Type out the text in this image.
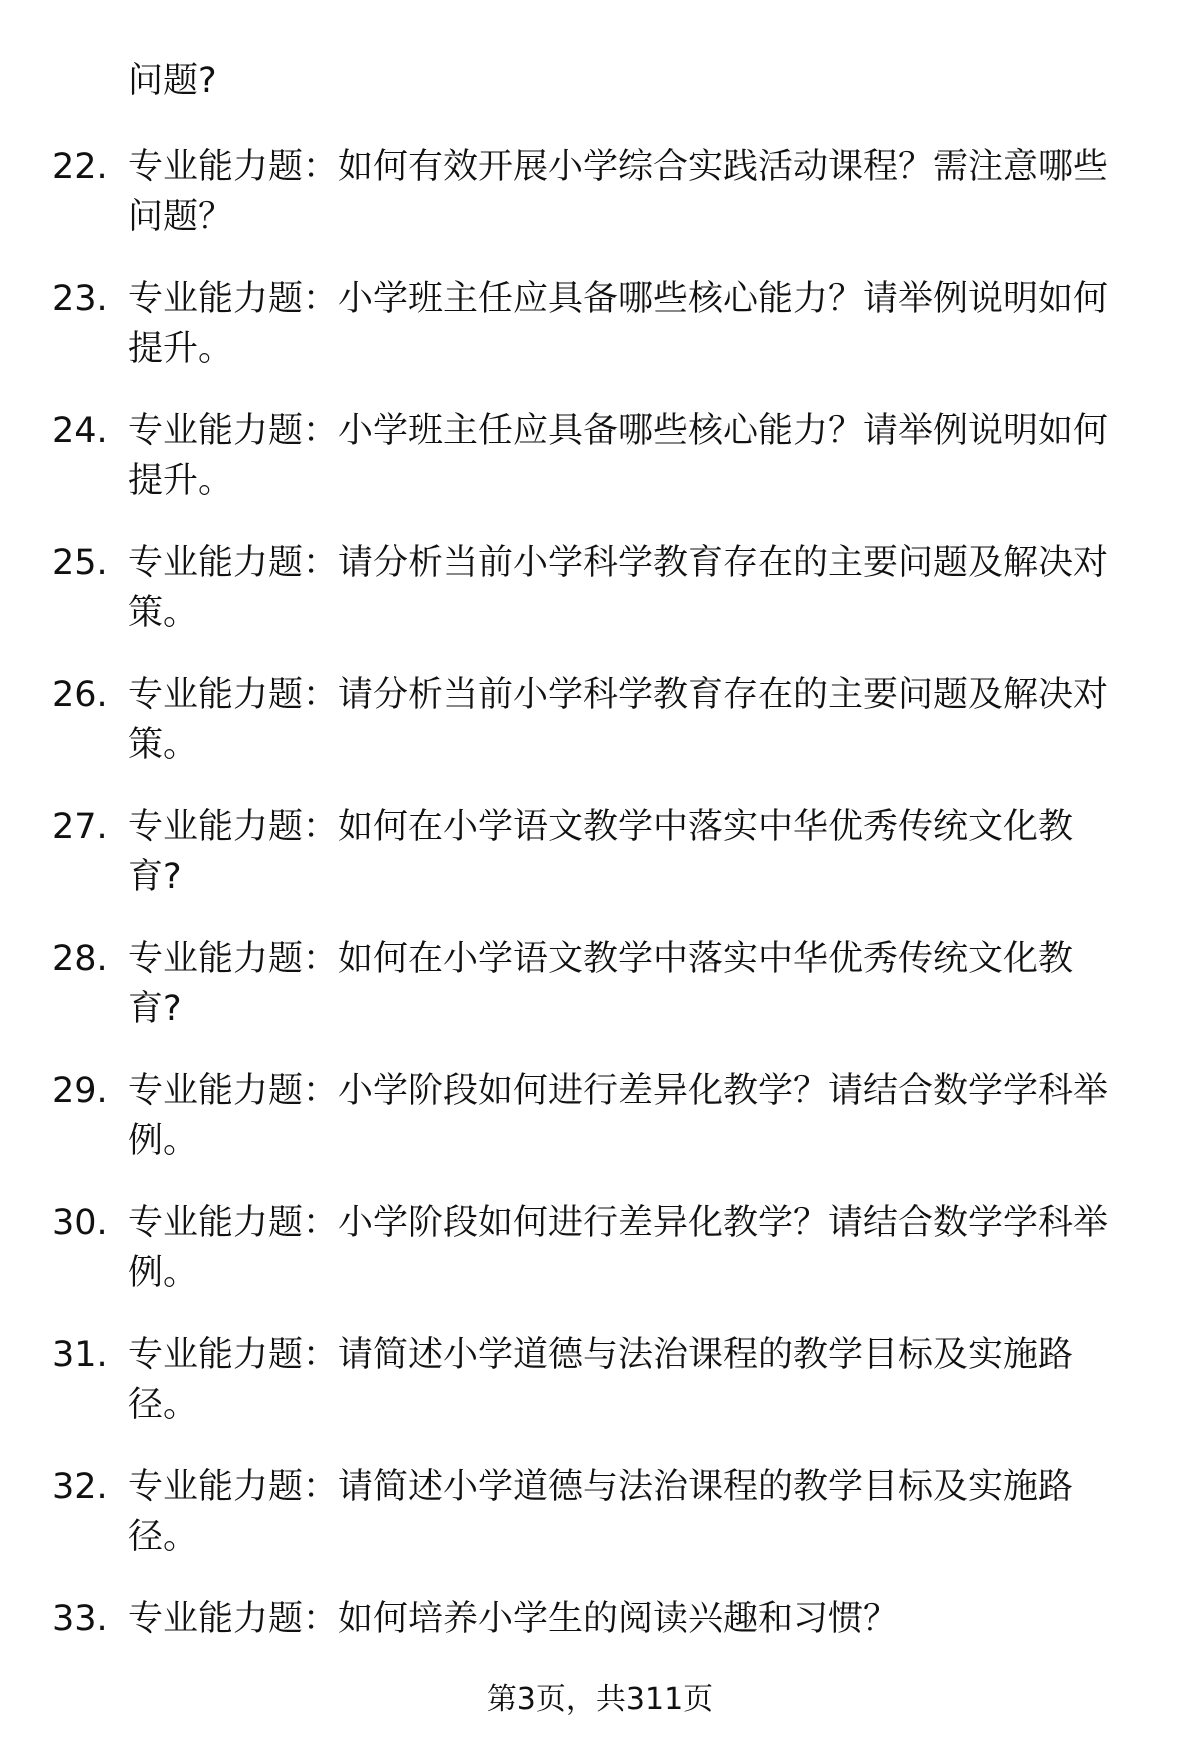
问题?
22. 专业能力题：如何有效开展小学综合实践活动课程？需注意哪些
问题？
23. 专业能力题：小学班主任应具备哪些核心能力？请举例说明如何
提升。
24. 专业能力题：小学班主任应具备哪些核心能力？请举例说明如何
提升。
25. 专业能力题：请分析当前小学科学教育存在的主要问题及解决对
策。
26. 专业能力题：请分析当前小学科学教育存在的主要问题及解决对
策。
27. 专业能力题：如何在小学语文教学中落实中华优秀传统文化教
育?
28. 专业能力题：如何在小学语文教学中落实中华优秀传统文化教
育?
29. 专业能力题：小学阶段如何进行差异化教学？请结合数学学科举
例。
30. 专业能力题：小学阶段如何进行差异化教学？请结合数学学科举
例。
31. 专业能力题：请简述小学道德与法治课程的教学目标及实施路
径。
32. 专业能力题：请简述小学道德与法治课程的教学目标及实施路
径。
33. 专业能力题：如何培养小学生的阅读兴趣和习惯？
第3页，共311页
